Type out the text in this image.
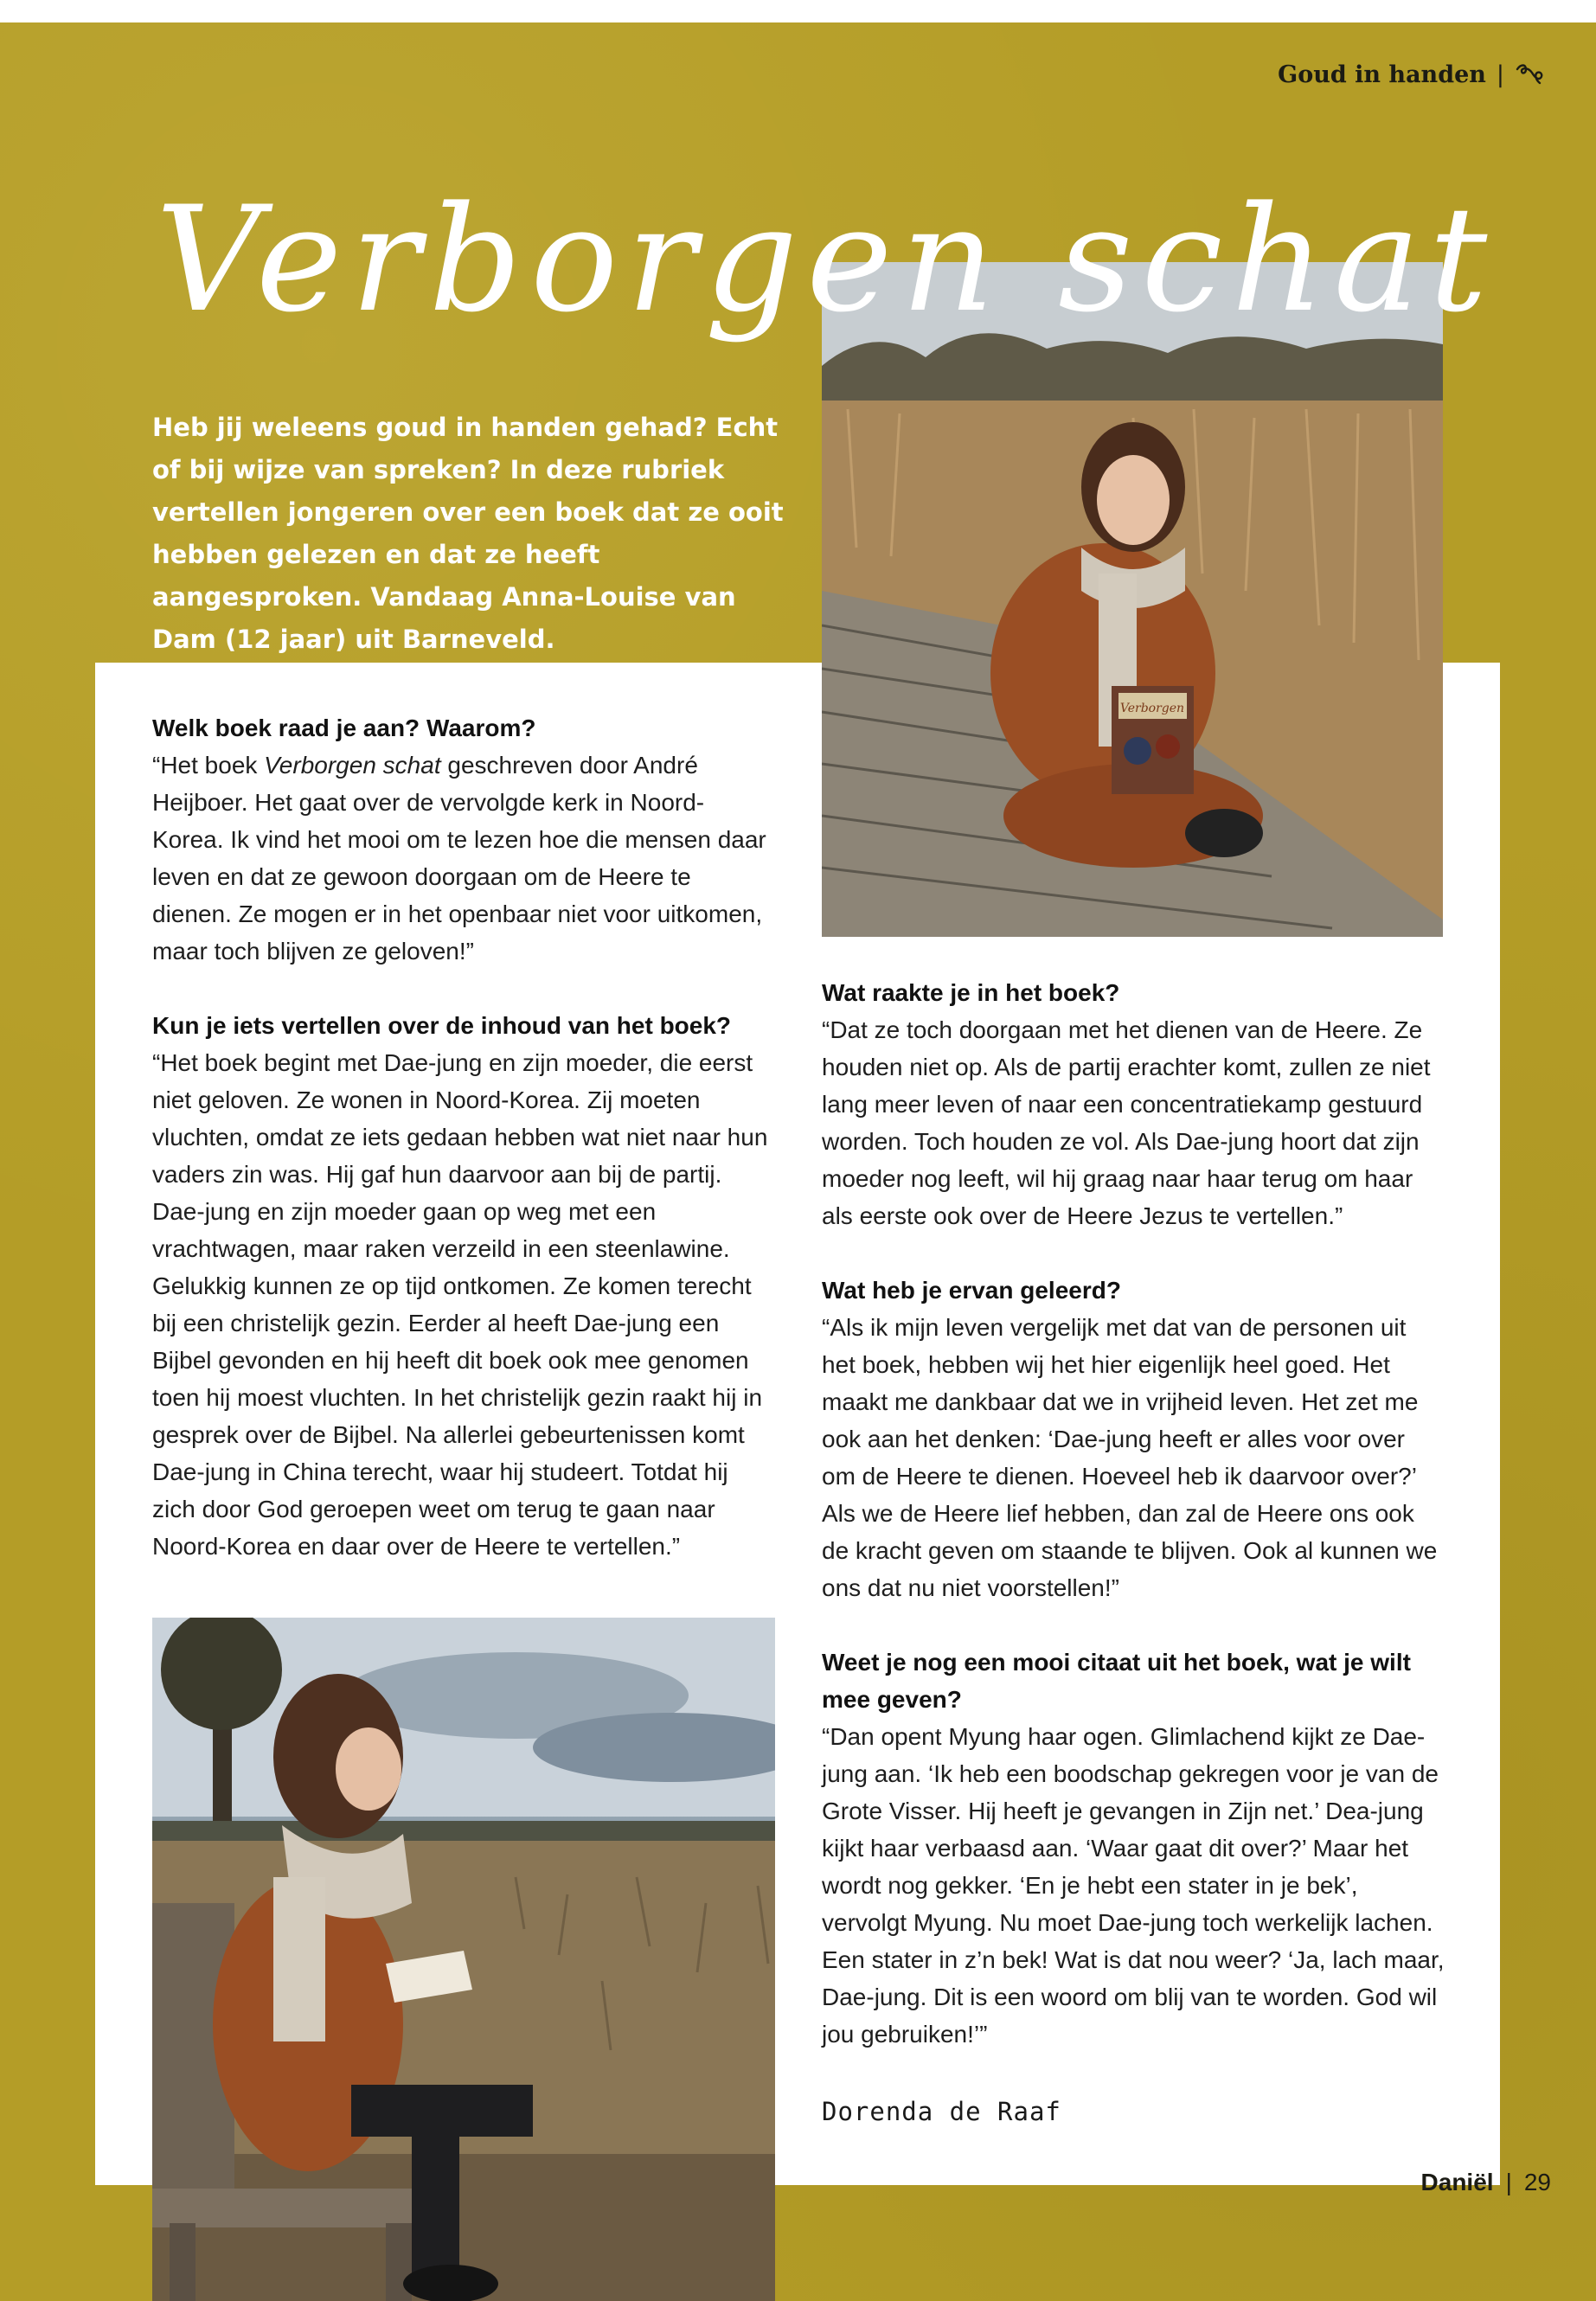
Goud in handen |
Verborgen
Verborgen schat

Heb jij weleens goud in handen gehad? Echt of bij wijze van spreken? In deze rubriek vertellen jongeren over een boek dat ze ooit hebben gelezen en dat ze heeft aangesproken. Vandaag Anna-Louise van Dam (12 jaar) uit Barneveld.

Welk boek raad je aan? Waarom?

“Het boek Verborgen schat geschreven door André Heijboer. Het gaat over de vervolgde kerk in Noord-Korea. Ik vind het mooi om te lezen hoe die mensen daar leven en dat ze gewoon doorgaan om de Heere te dienen. Ze mogen er in het openbaar niet voor uitkomen, maar toch blijven ze geloven!”

Kun je iets vertellen over de inhoud van het boek?

“Het boek begint met Dae-jung en zijn moeder, die eerst niet geloven. Ze wonen in Noord-Korea. Zij moeten vluchten, omdat ze iets gedaan hebben wat niet naar hun vaders zin was. Hij gaf hun daarvoor aan bij de partij. Dae-jung en zijn moeder gaan op weg met een vrachtwagen, maar raken verzeild in een steenlawine. Gelukkig kunnen ze op tijd ontkomen. Ze komen terecht bij een christelijk gezin. Eerder al heeft Dae-jung een Bijbel gevonden en hij heeft dit boek ook mee genomen toen hij moest vluchten. In het christelijk gezin raakt hij in gesprek over de Bijbel. Na allerlei gebeurtenissen komt Dae-jung in China terecht, waar hij studeert. Totdat hij zich door God geroepen weet om terug te gaan naar Noord-Korea en daar over de Heere te vertellen.”

Wat raakte je in het boek?

“Dat ze toch doorgaan met het dienen van de Heere. Ze houden niet op. Als de partij erachter komt, zullen ze niet lang meer leven of naar een concentratiekamp gestuurd worden. Toch houden ze vol. Als Dae-jung hoort dat zijn moeder nog leeft, wil hij graag naar haar terug om haar als eerste ook over de Heere Jezus te vertellen.”

Wat heb je ervan geleerd?

“Als ik mijn leven vergelijk met dat van de personen uit het boek, hebben wij het hier eigenlijk heel goed. Het maakt me dankbaar dat we in vrijheid leven. Het zet me ook aan het denken: ‘Dae-jung heeft er alles voor over om de Heere te dienen. Hoeveel heb ik daarvoor over?’ Als we de Heere lief hebben, dan zal de Heere ons ook de kracht geven om staande te blijven. Ook al kunnen we ons dat nu niet voorstellen!”

Weet je nog een mooi citaat uit het boek, wat je wilt mee geven?

“Dan opent Myung haar ogen. Glimlachend kijkt ze Dae-jung aan. ‘Ik heb een boodschap gekregen voor je van de Grote Visser. Hij heeft je gevangen in Zijn net.’ Dea-jung kijkt haar verbaasd aan. ‘Waar gaat dit over?’ Maar het wordt nog gekker. ‘En je hebt een stater in je bek’, vervolgt Myung. Nu moet Dae-jung toch werkelijk lachen. Een stater in z’n bek! Wat is dat nou weer? ‘Ja, lach maar, Dae-jung. Dit is een woord om blij van te worden. God wil jou gebruiken!’”

Dorenda de Raaf
Daniël | 29
